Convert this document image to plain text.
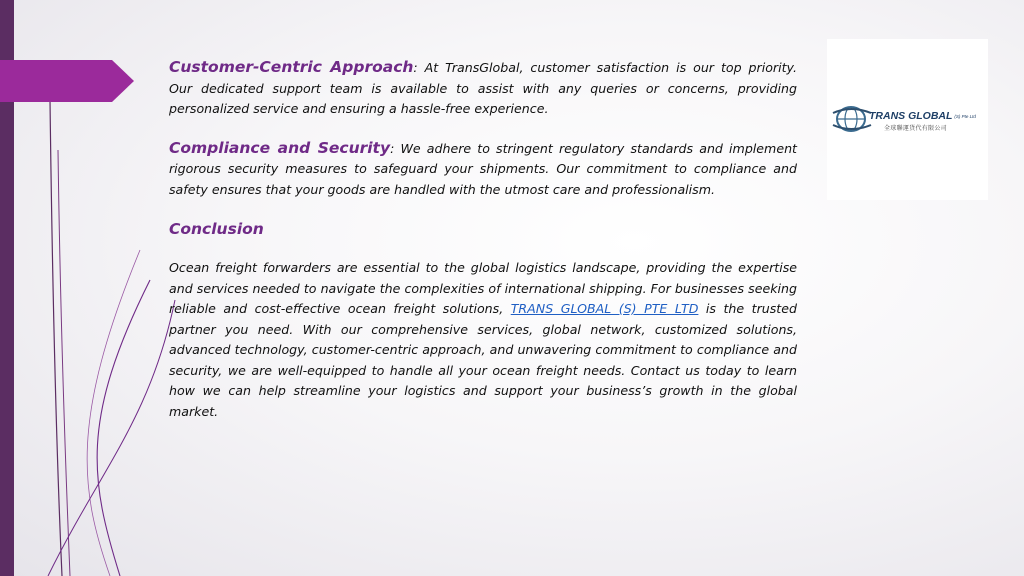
Customer-Centric Approach: At TransGlobal, customer satisfaction is our top priority. Our dedicated support team is available to assist with any queries or concerns, providing personalized service and ensuring a hassle-free experience.

Compliance and Security: We adhere to stringent regulatory standards and implement rigorous security measures to safeguard your shipments. Our commitment to compliance and safety ensures that your goods are handled with the utmost care and professionalism.

Conclusion

Ocean freight forwarders are essential to the global logistics landscape, providing the expertise and services needed to navigate the complexities of international shipping. For businesses seeking reliable and cost-effective ocean freight solutions, TRANS GLOBAL (S) PTE LTD is the trusted partner you need. With our comprehensive services, global network, customized solutions, advanced technology, customer-centric approach, and unwavering commitment to compliance and security, we are well-equipped to handle all your ocean freight needs. Contact us today to learn how we can help streamline your logistics and support your business’s growth in the global market.

TRANS GLOBAL (S) Pte Ltd
全球聯運貨代有限公司
